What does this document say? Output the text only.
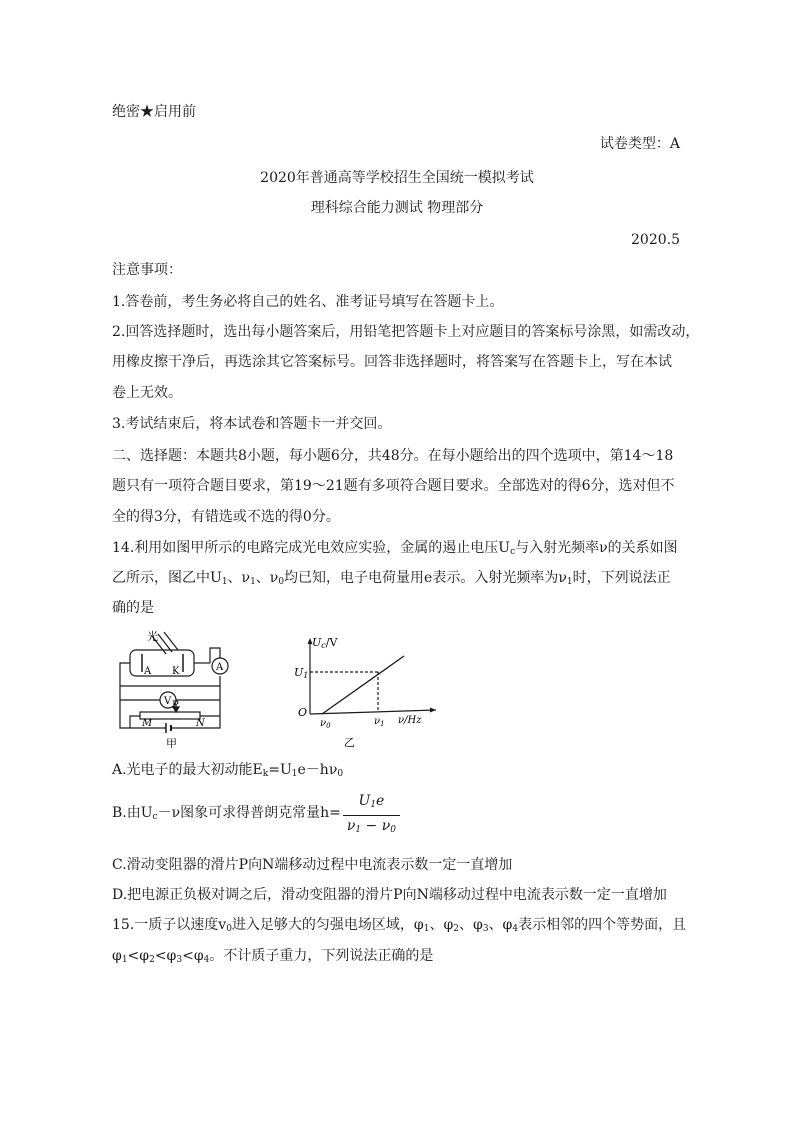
绝密★启用前
试卷类型：A
2020年普通高等学校招生全国统一模拟考试
理科综合能力测试 物理部分
2020.5
注意事项：
1.答卷前，考生务必将自己的姓名、准考证号填写在答题卡上。
2.回答选择题时，选出每小题答案后，用铅笔把答题卡上对应题目的答案标号涂黑，如需改动，
用橡皮擦干净后，再选涂其它答案标号。回答非选择题时，将答案写在答题卡上，写在本试
卷上无效。
3.考试结束后，将本试卷和答题卡一并交回。
二、选择题：本题共8小题，每小题6分，共48分。在每小题给出的四个选项中，第14～18
题只有一项符合题目要求，第19～21题有多项符合题目要求。全部选对的得6分，选对但不
全的得3分，有错选或不选的得0分。
14.利用如图甲所示的电路完成光电效应实验，金属的遏止电压$U_c$与入射光频率ν的关系如图
乙所示，图乙中$U_1$、$\nu_1$、$\nu_0$均已知，电子电荷量用e表示。入射光频率为$\nu_1$时，下列说法正
确的是
光
A K	A
V P
M	N
甲
Uc/V
U1
O
$\nu_0$	$\nu_1$ ν/Hz
乙
A.光电子的最大初动能$E_k=U_1e-h\nu_0$
B.由$U_c-\nu$图象可求得普朗克常量$h= \frac{U_1e}{\nu_1 - \nu_0}$
C.滑动变阻器的滑片P向N端移动过程中电流表示数一定一直增加
D.把电源正负极对调之后，滑动变阻器的滑片P向N端移动过程中电流表示数一定一直增加
15.一质子以速度$v_0$进入足够大的匀强电场区域，$\varphi_1$、$\varphi_2$、$\varphi_3$、$\varphi_4$表示相邻的四个等势面，且
$\varphi_1<\varphi_2<\varphi_3<\varphi_4$。不计质子重力，下列说法正确的是
